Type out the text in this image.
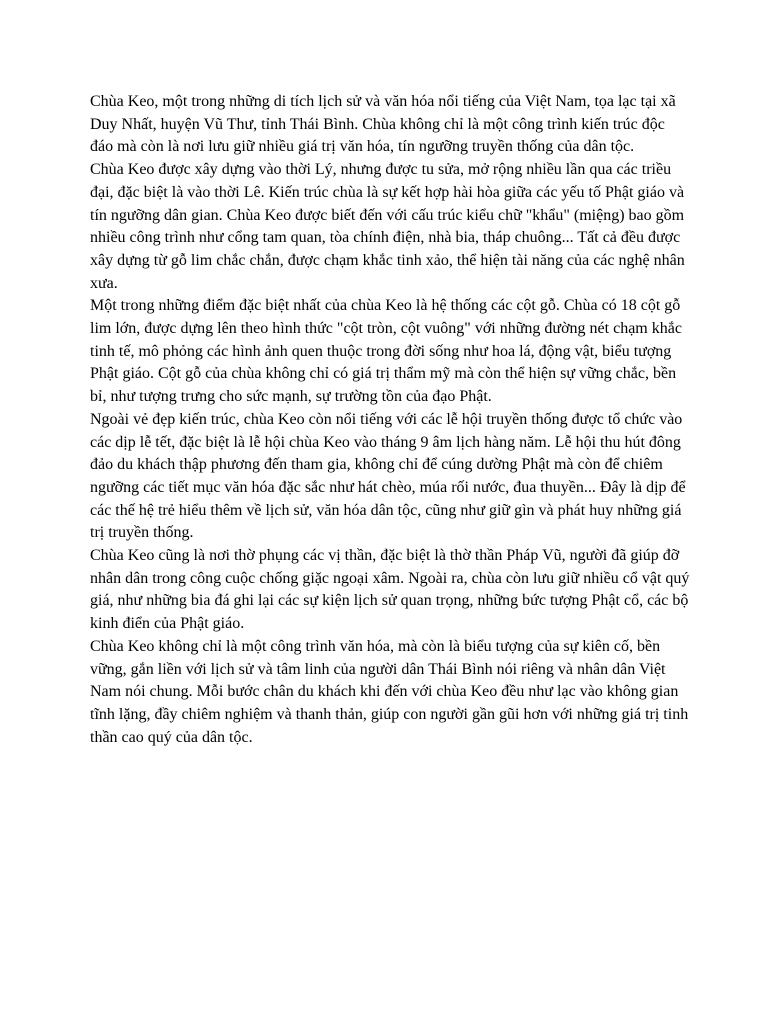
Chùa Keo, một trong những di tích lịch sử và văn hóa nổi tiếng của Việt Nam, tọa lạc tại xã Duy Nhất, huyện Vũ Thư, tỉnh Thái Bình. Chùa không chỉ là một công trình kiến trúc độc đáo mà còn là nơi lưu giữ nhiều giá trị văn hóa, tín ngưỡng truyền thống của dân tộc.

Chùa Keo được xây dựng vào thời Lý, nhưng được tu sửa, mở rộng nhiều lần qua các triều đại, đặc biệt là vào thời Lê. Kiến trúc chùa là sự kết hợp hài hòa giữa các yếu tố Phật giáo và tín ngưỡng dân gian. Chùa Keo được biết đến với cấu trúc kiểu chữ "khẩu" (miệng) bao gồm nhiều công trình như cổng tam quan, tòa chính điện, nhà bia, tháp chuông... Tất cả đều được xây dựng từ gỗ lim chắc chắn, được chạm khắc tinh xảo, thể hiện tài năng của các nghệ nhân xưa.

Một trong những điểm đặc biệt nhất của chùa Keo là hệ thống các cột gỗ. Chùa có 18 cột gỗ lim lớn, được dựng lên theo hình thức "cột tròn, cột vuông" với những đường nét chạm khắc tinh tế, mô phỏng các hình ảnh quen thuộc trong đời sống như hoa lá, động vật, biểu tượng Phật giáo. Cột gỗ của chùa không chỉ có giá trị thẩm mỹ mà còn thể hiện sự vững chắc, bền bỉ, như tượng trưng cho sức mạnh, sự trường tồn của đạo Phật.

Ngoài vẻ đẹp kiến trúc, chùa Keo còn nổi tiếng với các lễ hội truyền thống được tổ chức vào các dịp lễ tết, đặc biệt là lễ hội chùa Keo vào tháng 9 âm lịch hàng năm. Lễ hội thu hút đông đảo du khách thập phương đến tham gia, không chỉ để cúng dường Phật mà còn để chiêm ngưỡng các tiết mục văn hóa đặc sắc như hát chèo, múa rối nước, đua thuyền... Đây là dịp để các thế hệ trẻ hiểu thêm về lịch sử, văn hóa dân tộc, cũng như giữ gìn và phát huy những giá trị truyền thống.

Chùa Keo cũng là nơi thờ phụng các vị thần, đặc biệt là thờ thần Pháp Vũ, người đã giúp đỡ nhân dân trong công cuộc chống giặc ngoại xâm. Ngoài ra, chùa còn lưu giữ nhiều cổ vật quý giá, như những bia đá ghi lại các sự kiện lịch sử quan trọng, những bức tượng Phật cổ, các bộ kinh điển của Phật giáo.

Chùa Keo không chỉ là một công trình văn hóa, mà còn là biểu tượng của sự kiên cố, bền vững, gắn liền với lịch sử và tâm linh của người dân Thái Bình nói riêng và nhân dân Việt Nam nói chung. Mỗi bước chân du khách khi đến với chùa Keo đều như lạc vào không gian tĩnh lặng, đầy chiêm nghiệm và thanh thản, giúp con người gần gũi hơn với những giá trị tinh thần cao quý của dân tộc.
